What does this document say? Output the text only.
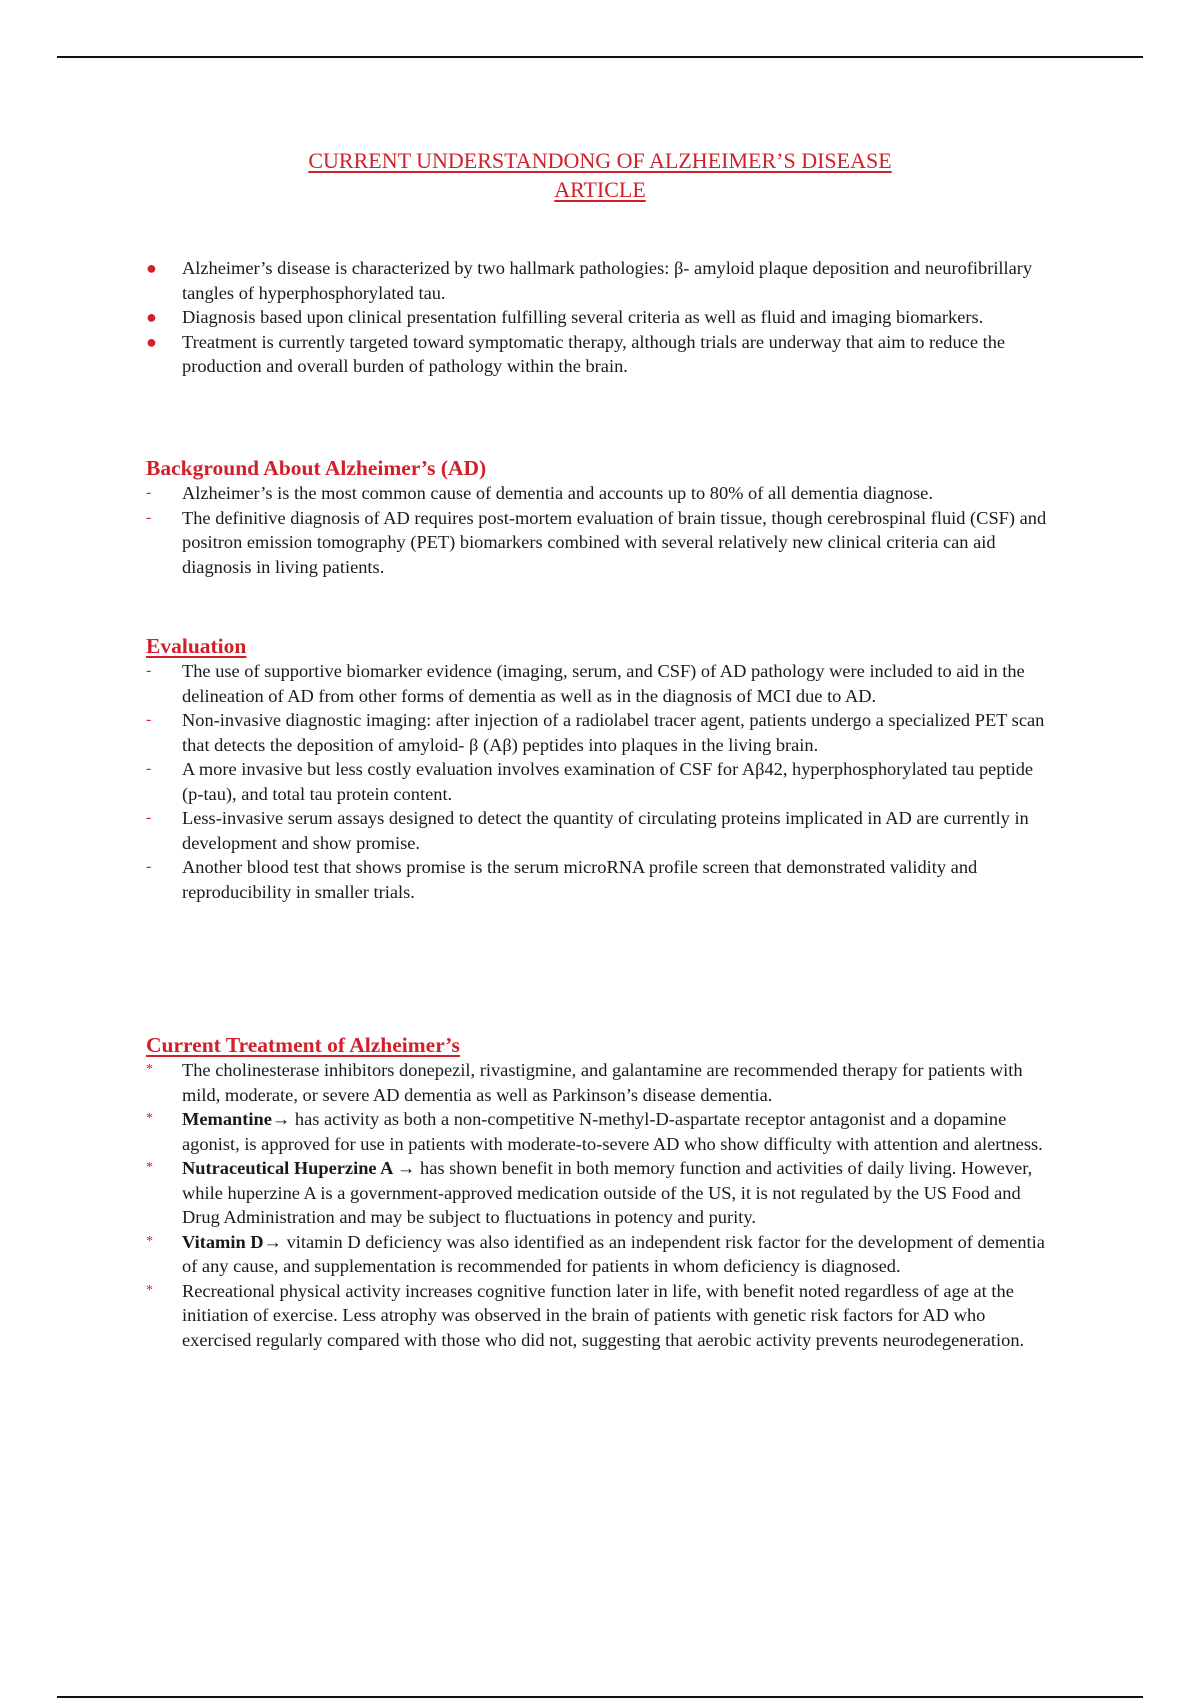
CURRENT UNDERSTANDONG OF ALZHEIMER’S DISEASE
ARTICLE
● Alzheimer’s disease is characterized by two hallmark pathologies: β- amyloid plaque deposition and neurofibrillary tangles of hyperphosphorylated tau.
● Diagnosis based upon clinical presentation fulfilling several criteria as well as fluid and imaging biomarkers.
● Treatment is currently targeted toward symptomatic therapy, although trials are underway that aim to reduce the production and overall burden of pathology within the brain.
Background About Alzheimer’s (AD)
-	Alzheimer’s is the most common cause of dementia and accounts up to 80% of all dementia diagnose.
-	The definitive diagnosis of AD requires post-mortem evaluation of brain tissue, though cerebrospinal fluid (CSF) and positron emission tomography (PET) biomarkers combined with several relatively new clinical criteria can aid diagnosis in living patients.
Evaluation
-	The use of supportive biomarker evidence (imaging, serum, and CSF) of AD pathology were included to aid in the delineation of AD from other forms of dementia as well as in the diagnosis of MCI due to AD.
-	Non-invasive diagnostic imaging: after injection of a radiolabel tracer agent, patients undergo a specialized PET scan that detects the deposition of amyloid- β (Aβ) peptides into plaques in the living brain.
-	A more invasive but less costly evaluation involves examination of CSF for Aβ42, hyperphosphorylated tau peptide (p-tau), and total tau protein content.
-	Less-invasive serum assays designed to detect the quantity of circulating proteins implicated in AD are currently in development and show promise.
-	Another blood test that shows promise is the serum microRNA profile screen that demonstrated validity and reproducibility in smaller trials.
Current Treatment of Alzheimer’s
*	The cholinesterase inhibitors donepezil, rivastigmine, and galantamine are recommended therapy for patients with mild, moderate, or severe AD dementia as well as Parkinson’s disease dementia.
*	Memantine→ has activity as both a non-competitive N-methyl-D-aspartate receptor antagonist and a dopamine agonist, is approved for use in patients with moderate-to-severe AD who show difficulty with attention and alertness.
*	Nutraceutical Huperzine A → has shown benefit in both memory function and activities of daily living. However, while huperzine A is a government-approved medication outside of the US, it is not regulated by the US Food and Drug Administration and may be subject to fluctuations in potency and purity.
*	Vitamin D→ vitamin D deficiency was also identified as an independent risk factor for the development of dementia of any cause, and supplementation is recommended for patients in whom deficiency is diagnosed.
*	Recreational physical activity increases cognitive function later in life, with benefit noted regardless of age at the initiation of exercise. Less atrophy was observed in the brain of patients with genetic risk factors for AD who exercised regularly compared with those who did not, suggesting that aerobic activity prevents neurodegeneration.
